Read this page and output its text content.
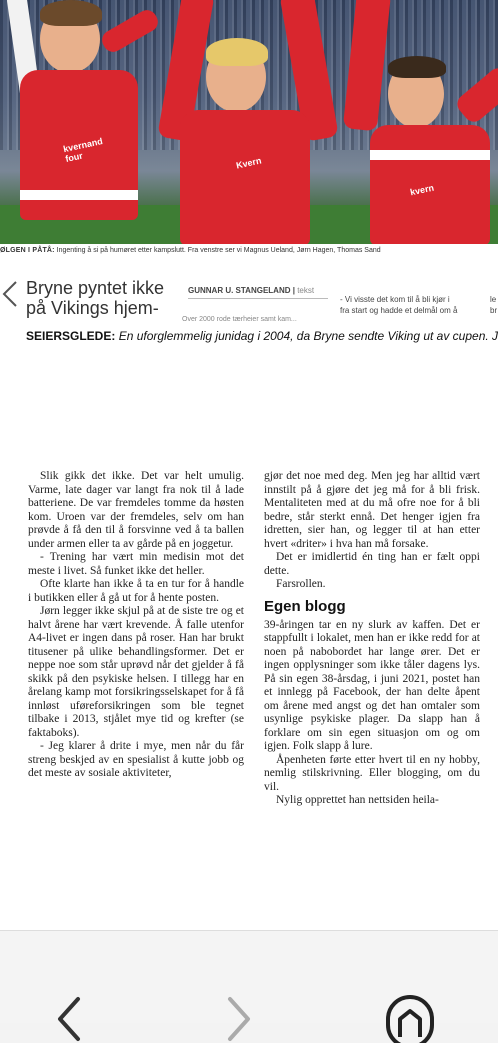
kvernand four	Kvern
kvern
ØLGEN I PÅTÅ: Ingenting å si på humøret etter kampslutt. Fra venstre ser vi Magnus Ueland, Jørn Hagen, Thomas Sand
Bryne pyntet ikke
på Vikings hjem-
GUNNAR U. STANGELAND | tekst
Over 2000 rode tærheier samt kam...
- Vi visste det kom til å bli kjør i
fra start og hadde et delmål om å
le
br
SEIERSGLEDE: En uforglemmelig junidag i 2004, da Bryne sendte Viking ut av cupen. J

Slik gikk det ikke. Det var helt umulig. Varme, late dager var langt fra nok til å lade batteriene. De var fremdeles tomme da høsten kom. Uroen var der fremdeles, selv om han prøvde å få den til å forsvinne ved å ta ballen under armen eller ta av gårde på en joggetur.

- Trening har vært min medisin mot det meste i livet. Så funket ikke det heller.

Ofte klarte han ikke å ta en tur for å handle i butikken eller å gå ut for å hente posten.

Jørn legger ikke skjul på at de siste tre og et halvt årene har vært krevende. Å falle utenfor A4-livet er ingen dans på roser. Han har brukt titusener på ulike behandlingsformer. Det er neppe noe som står uprøvd når det gjelder å få skikk på den psykiske helsen. I tillegg har en årelang kamp mot forsikringsselskapet for å få innløst uføreforsikringen som ble tegnet tilbake i 2013, stjålet mye tid og krefter (se faktaboks).

- Jeg klarer å drite i mye, men når du får streng beskjed av en spesialist å kutte jobb og det meste av sosiale aktiviteter,

gjør det noe med deg. Men jeg har alltid vært innstilt på å gjøre det jeg må for å bli frisk. Mentaliteten med at du må ofre noe for å bli bedre, står sterkt ennå. Det henger igjen fra idretten, sier han, og legger til at han etter hvert «driter» i hva han må forsake.

Det er imidlertid én ting han er fælt oppi dette.

Farsrollen.

Egen blogg

39-åringen tar en ny slurk av kaffen. Det er stappfullt i lokalet, men han er ikke redd for at noen på nabobordet har lange ører. Det er ingen opplysninger som ikke tåler dagens lys. På sin egen 38-årsdag, i juni 2021, postet han et innlegg på Facebook, der han delte åpent om årene med angst og det han omtaler som usynlige psykiske plager. Da slapp han å forklare om sin egen situasjon om og om igjen. Folk slapp å lure.

Åpenheten førte etter hvert til en ny hobby, nemlig stilskrivning. Eller blogging, om du vil.

Nylig opprettet han nettsiden heila-
